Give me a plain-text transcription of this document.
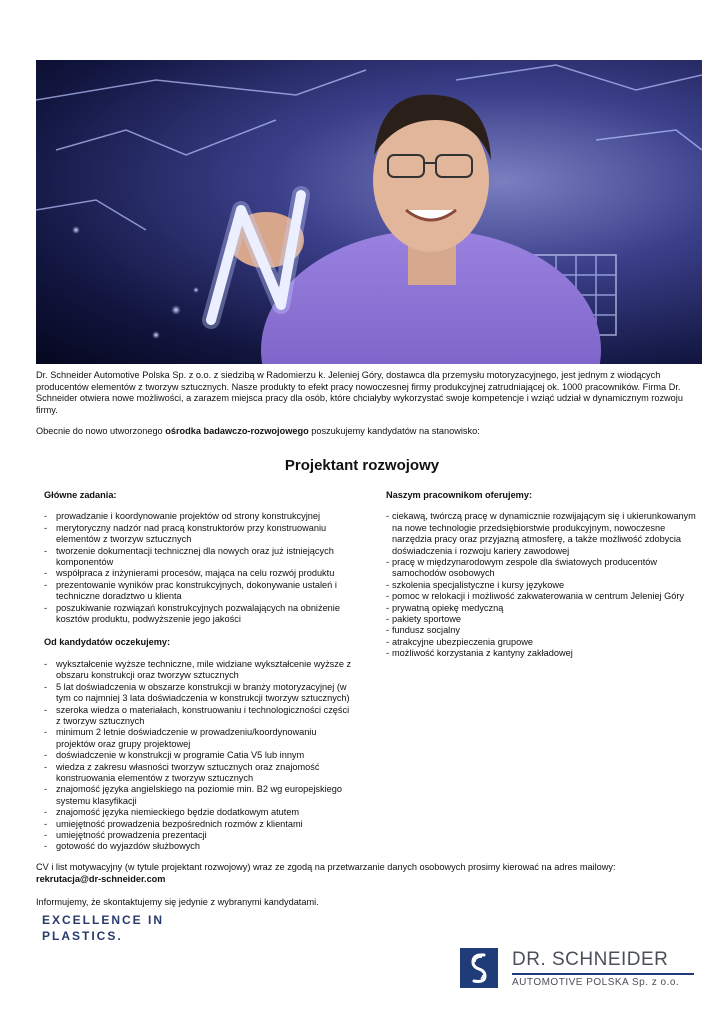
Dr. Schneider Automotive Polska Sp. z o.o. z siedzibą w Radomierzu k. Jeleniej Góry, dostawca dla przemysłu motoryzacyjnego, jest jednym z wiodących producentów elementów z tworzyw sztucznych. Nasze produkty to efekt pracy nowoczesnej firmy produkcyjnej zatrudniającej ok. 1000 pracowników. Firma Dr. Schneider otwiera nowe możliwości, a zarazem miejsca pracy dla osób, które chciałyby wykorzystać swoje kompetencje i wziąć udział w dynamicznym rozwoju firmy.
Obecnie do nowo utworzonego ośrodka badawczo-rozwojowego poszukujemy kandydatów na stanowisko:
Projektant rozwojowy
Główne zadania:
- prowadzanie i koordynowanie projektów od strony konstrukcyjnej
- merytoryczny nadzór nad pracą konstruktorów przy konstruowaniu elementów z tworzyw sztucznych
- tworzenie dokumentacji technicznej dla nowych oraz już istniejących komponentów
- współpraca z inżynierami procesów, mająca na celu rozwój produktu
- prezentowanie wyników prac konstrukcyjnych, dokonywanie ustaleń i techniczne doradztwo u klienta
- poszukiwanie rozwiązań konstrukcyjnych pozwalających na obniżenie kosztów produktu, podwyższenie jego jakości
Od kandydatów oczekujemy:
- wykształcenie wyższe techniczne, mile widziane wykształcenie wyższe z obszaru konstrukcji oraz tworzyw sztucznych
- 5 lat doświadczenia w obszarze konstrukcji w branży motoryzacyjnej (w tym co najmniej 3 lata doświadczenia w konstrukcji tworzyw sztucznych)
- szeroka wiedza o materiałach, konstruowaniu i technologiczności części z tworzyw sztucznych
- minimum 2 letnie doświadczenie w prowadzeniu/koordynowaniu projektów oraz grupy projektowej
- doświadczenie w konstrukcji w programie Catia V5 lub innym
- wiedza z zakresu własności tworzyw sztucznych oraz znajomość konstruowania elementów z tworzyw sztucznych
- znajomość języka angielskiego na poziomie min. B2 wg europejskiego systemu klasyfikacji
- znajomość języka niemieckiego będzie dodatkowym atutem
- umiejętność prowadzenia bezpośrednich rozmów z klientami
- umiejętność prowadzenia prezentacji
- gotowość do wyjazdów służbowych
Naszym pracownikom oferujemy:
- ciekawą, twórczą pracę w dynamicznie rozwijającym się i ukierunkowanym na nowe technologie przedsiębiorstwie produkcyjnym, nowoczesne narzędzia pracy oraz przyjazną atmosferę, a także możliwość zdobycia doświadczenia i rozwoju kariery zawodowej
- pracę w międzynarodowym zespole dla światowych producentów samochodów osobowych
- szkolenia specjalistyczne i kursy językowe
- pomoc w relokacji i możliwość zakwaterowania w centrum Jeleniej Góry
- prywatną opiekę medyczną
- pakiety sportowe
- fundusz socjalny
- atrakcyjne ubezpieczenia grupowe
- możliwość korzystania z kantyny zakładowej
CV i list motywacyjny (w tytule projektant rozwojowy) wraz ze zgodą na przetwarzanie danych osobowych prosimy kierować na adres mailowy:
rekrutacja@dr-schneider.com
Informujemy, że skontaktujemy się jedynie z wybranymi kandydatami.
EXCELLENCE IN
PLASTICS.
DR. SCHNEIDER
AUTOMOTIVE POLSKA Sp. z o.o.
